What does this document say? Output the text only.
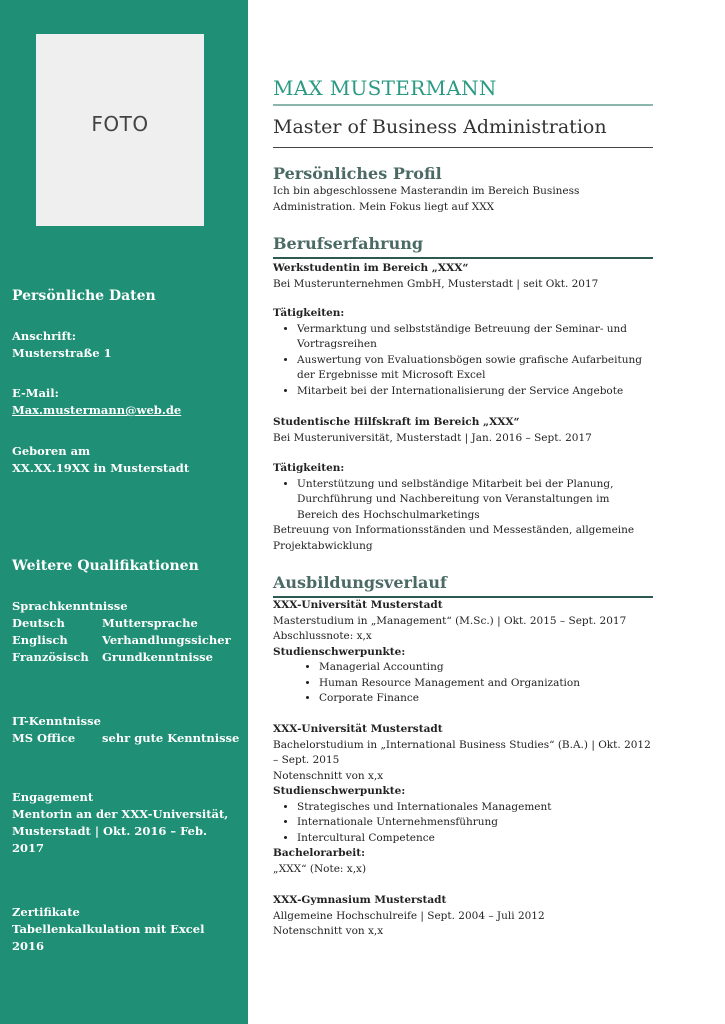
FOTO
Persönliche Daten
Anschrift:
Musterstraße 1
E-Mail:
Max.mustermann@web.de
Geboren am
XX.XX.19XX in Musterstadt
Weitere Qualifikationen
Sprachkenntnisse
Deutsch	Muttersprache
Englisch	Verhandlungssicher
Französisch	Grundkenntnisse
IT-Kenntnisse
MS Office	sehr gute Kenntnisse
Engagement
Mentorin an der XXX-Universität, Musterstadt | Okt. 2016 – Feb. 2017
Zertifikate
Tabellenkalkulation mit Excel 2016
MAX MUSTERMANN
Master of Business Administration
Persönliches Profil
Ich bin abgeschlossene Masterandin im Bereich Business Administration. Mein Fokus liegt auf XXX
Berufserfahrung
Werkstudentin im Bereich „XXX“
Bei Musterunternehmen GmbH, Musterstadt | seit Okt. 2017
Tätigkeiten:
• Vermarktung und selbstständige Betreuung der Seminar- und Vortragsreihen
• Auswertung von Evaluationsbögen sowie grafische Aufarbeitung der Ergebnisse mit Microsoft Excel
• Mitarbeit bei der Internationalisierung der Service Angebote
Studentische Hilfskraft im Bereich „XXX“
Bei Musteruniversität, Musterstadt | Jan. 2016 – Sept. 2017
Tätigkeiten:
• Unterstützung und selbständige Mitarbeit bei der Planung, Durchführung und Nachbereitung von Veranstaltungen im Bereich des Hochschulmarketings
Betreuung von Informationsständen und Messeständen, allgemeine Projektabwicklung
Ausbildungsverlauf
XXX-Universität Musterstadt
Masterstudium in „Management“ (M.Sc.) | Okt. 2015 – Sept. 2017
Abschlussnote: x,x
Studienschwerpunkte:
• Managerial Accounting
• Human Resource Management and Organization
• Corporate Finance
XXX-Universität Musterstadt
Bachelorstudium in „International Business Studies“ (B.A.) | Okt. 2012 – Sept. 2015
Notenschnitt von x,x
Studienschwerpunkte:
• Strategisches und Internationales Management
• Internationale Unternehmensführung
• Intercultural Competence
Bachelorarbeit:
„XXX“ (Note: x,x)
XXX-Gymnasium Musterstadt
Allgemeine Hochschulreife | Sept. 2004 – Juli 2012
Notenschnitt von x,x
